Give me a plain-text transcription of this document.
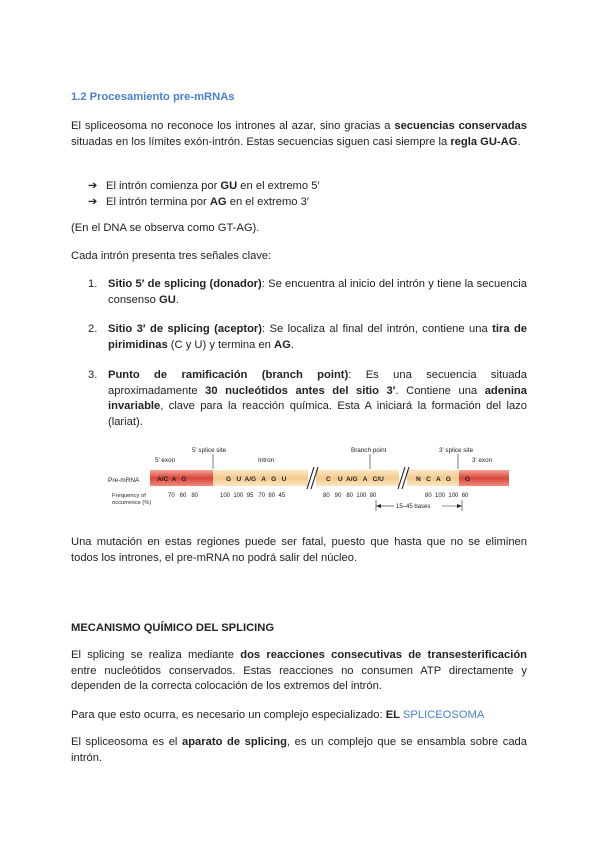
1.2 Procesamiento pre-mRNAs

El spliceosoma no reconoce los intrones al azar, sino gracias a secuencias conservadas situadas en los límites exón-intrón. Estas secuencias siguen casi siempre la regla GU-AG.

➔ El intrón comienza por GU en el extremo 5′
➔ El intrón termina por AG en el extremo 3′

(En el DNA se observa como GT-AG).

Cada intrón presenta tres señales clave:

1. Sitio 5′ de splicing (donador): Se encuentra al inicio del intrón y tiene la secuencia consenso GU.
2. Sitio 3′ de splicing (aceptor): Se localiza al final del intrón, contiene una tira de pirimidinas (C y U) y termina en AG.
3. Punto de ramificación (branch point): Es una secuencia situada aproximadamente 30 nucleótidos antes del sitio 3′. Contiene una adenina invariable, clave para la reacción química. Esta A iniciará la formación del lazo (lariat).
5′ splice site
5′ exon	Intron
Branch point	3′ splice site
3′ exon
Pre-mRNA	A/C  A   G	G   U  A/G   A   G   U	C    U  A/G   A   C/U	N   C   A   G G
Frequency of
occurrence (%)
70   60   80	100  100  95   70  80  45	80   90   80  100  80	80  100  100  60
15–45 bases

Una mutación en estas regiones puede ser fatal, puesto que hasta que no se eliminen todos los intrones, el pre-mRNA no podrá salir del núcleo.

MECANISMO QUÍMICO DEL SPLICING

El splicing se realiza mediante dos reacciones consecutivas de transesterificación entre nucleótidos conservados. Estas reacciones no consumen ATP directamente y dependen de la correcta colocación de los extremos del intrón.

Para que esto ocurra, es necesario un complejo especializado: EL SPLICEOSOMA

El spliceosoma es el aparato de splicing, es un complejo que se ensambla sobre cada intrón.
